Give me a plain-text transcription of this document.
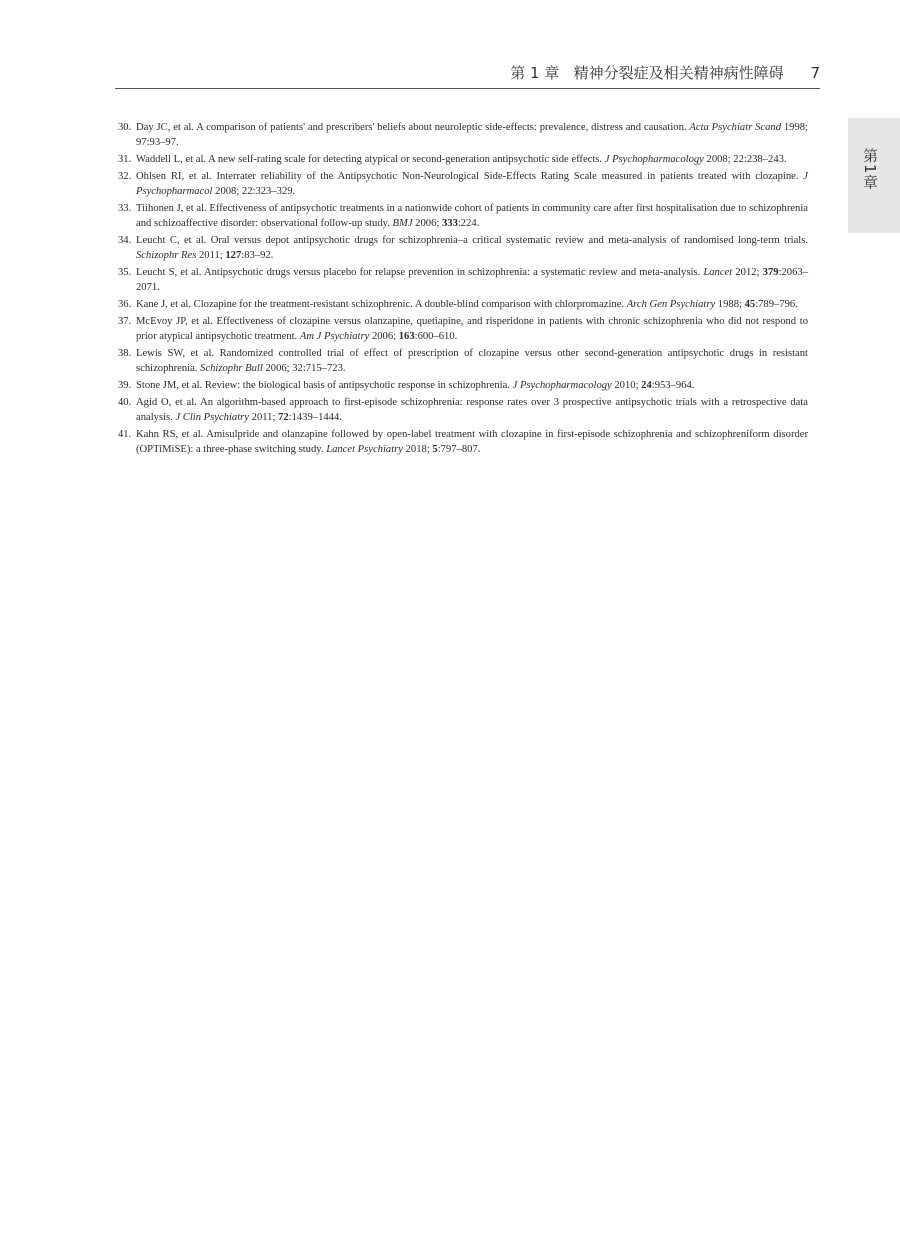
第 1 章 精神分裂症及相关精神病性障碍 7
第1章
30. Day JC, et al. A comparison of patients' and prescribers' beliefs about neuroleptic side-effects: prevalence, distress and causation. Acta Psychiatr Scand 1998; 97:93–97.
31. Waddell L, et al. A new self-rating scale for detecting atypical or second-generation antipsychotic side effects. J Psychopharmacology 2008; 22:238–243.
32. Ohlsen RI, et al. Interrater reliability of the Antipsychotic Non-Neurological Side-Effects Rating Scale measured in patients treated with clozapine. J Psychopharmacol 2008; 22:323–329.
33. Tiihonen J, et al. Effectiveness of antipsychotic treatments in a nationwide cohort of patients in community care after first hospitalisation due to schizophrenia and schizoaffective disorder: observational follow-up study. BMJ 2006; 333:224.
34. Leucht C, et al. Oral versus depot antipsychotic drugs for schizophrenia–a critical systematic review and meta-analysis of randomised long-term trials. Schizophr Res 2011; 127:83–92.
35. Leucht S, et al. Antipsychotic drugs versus placebo for relapse prevention in schizophrenia: a systematic review and meta-analysis. Lancet 2012; 379:2063–2071.
36. Kane J, et al. Clozapine for the treatment-resistant schizophrenic. A double-blind comparison with chlorpromazine. Arch Gen Psychiatry 1988; 45:789–796.
37. McEvoy JP, et al. Effectiveness of clozapine versus olanzapine, quetiapine, and risperidone in patients with chronic schizophrenia who did not respond to prior atypical antipsychotic treatment. Am J Psychiatry 2006; 163:600–610.
38. Lewis SW, et al. Randomized controlled trial of effect of prescription of clozapine versus other second-generation antipsychotic drugs in resistant schizophrenia. Schizophr Bull 2006; 32:715–723.
39. Stone JM, et al. Review: the biological basis of antipsychotic response in schizophrenia. J Psychopharmacology 2010; 24:953–964.
40. Agid O, et al. An algorithm-based approach to first-episode schizophrenia: response rates over 3 prospective antipsychotic trials with a retrospective data analysis. J Clin Psychiatry 2011; 72:1439–1444.
41. Kahn RS, et al. Amisulpride and olanzapine followed by open-label treatment with clozapine in first-episode schizophrenia and schizophreniform disorder (OPTiMiSE): a three-phase switching study. Lancet Psychiatry 2018; 5:797–807.
